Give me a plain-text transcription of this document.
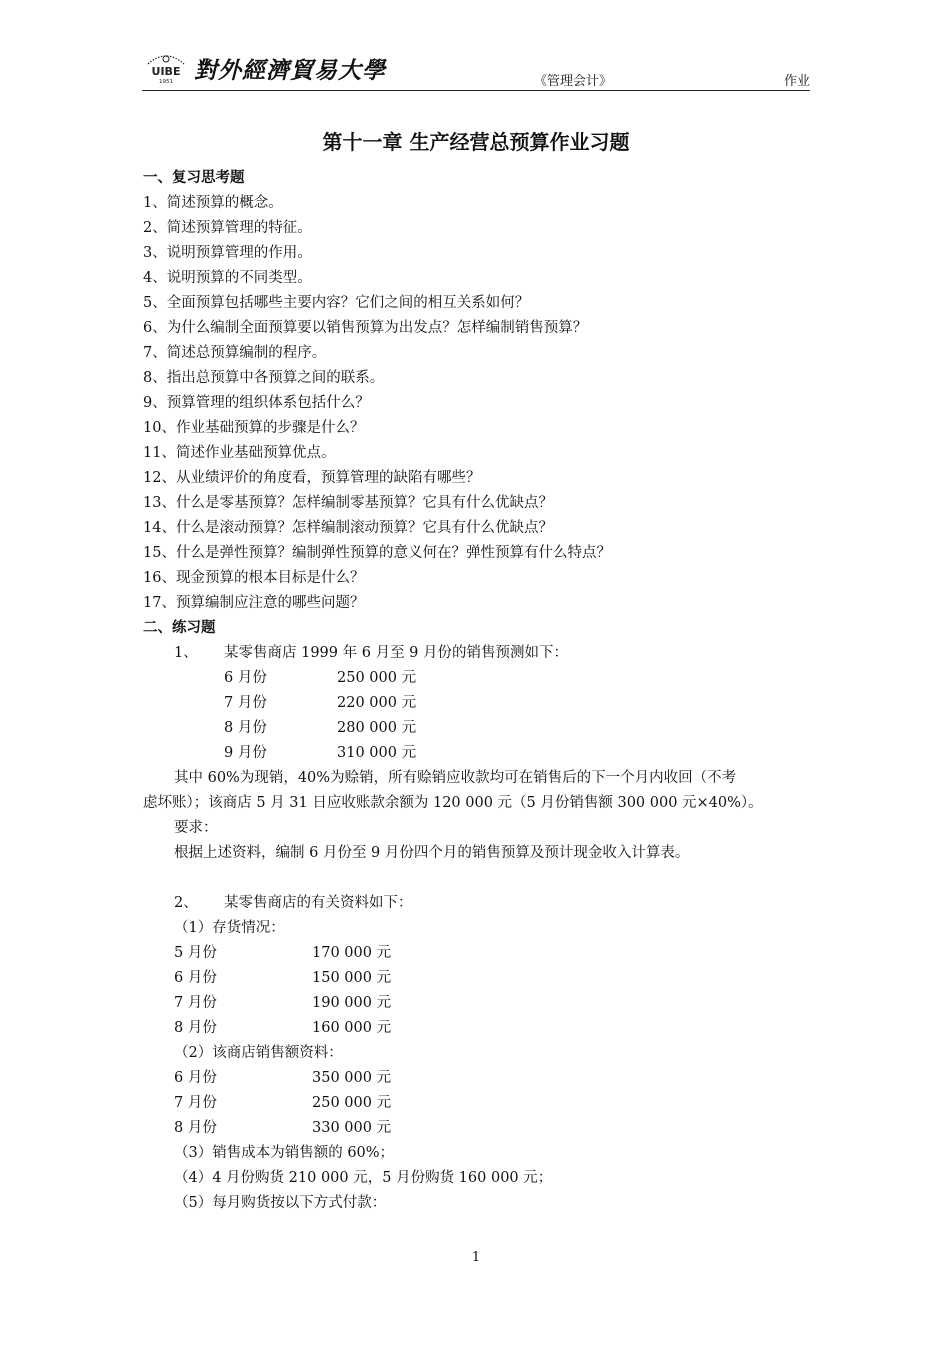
UIBE
1951 對外經濟貿易大學	《管理会计》	作业
第十一章 生产经营总预算作业习题
一、复习思考题
1、简述预算的概念。
2、简述预算管理的特征。
3、说明预算管理的作用。
4、说明预算的不同类型。
5、全面预算包括哪些主要内容？它们之间的相互关系如何？
6、为什么编制全面预算要以销售预算为出发点？怎样编制销售预算？
7、简述总预算编制的程序。
8、指出总预算中各预算之间的联系。
9、预算管理的组织体系包括什么？
10、作业基础预算的步骤是什么？
11、简述作业基础预算优点。
12、从业绩评价的角度看，预算管理的缺陷有哪些？
13、什么是零基预算？怎样编制零基预算？它具有什么优缺点？
14、什么是滚动预算？怎样编制滚动预算？它具有什么优缺点？
15、什么是弹性预算？编制弹性预算的意义何在？弹性预算有什么特点？
16、现金预算的根本目标是什么？
17、预算编制应注意的哪些问题？
二、练习题
1、 某零售商店 1999 年 6 月至 9 月份的销售预测如下：
6 月份	250 000 元
7 月份	220 000 元
8 月份	280 000 元
9 月份	310 000 元
其中 60%为现销，40%为赊销，所有赊销应收款均可在销售后的下一个月内收回（不考
虑坏账）；该商店 5 月 31 日应收账款余额为 120 000 元（5 月份销售额 300 000 元×40%）。
要求：
根据上述资料，编制 6 月份至 9 月份四个月的销售预算及预计现金收入计算表。
2、 某零售商店的有关资料如下：
（1）存货情况：
5 月份	170 000 元
6 月份	150 000 元
7 月份	190 000 元
8 月份	160 000 元
（2）该商店销售额资料：
6 月份	350 000 元
7 月份	250 000 元
8 月份	330 000 元
（3）销售成本为销售额的 60%；
（4）4 月份购货 210 000 元，5 月份购货 160 000 元；
（5）每月购货按以下方式付款：
1
